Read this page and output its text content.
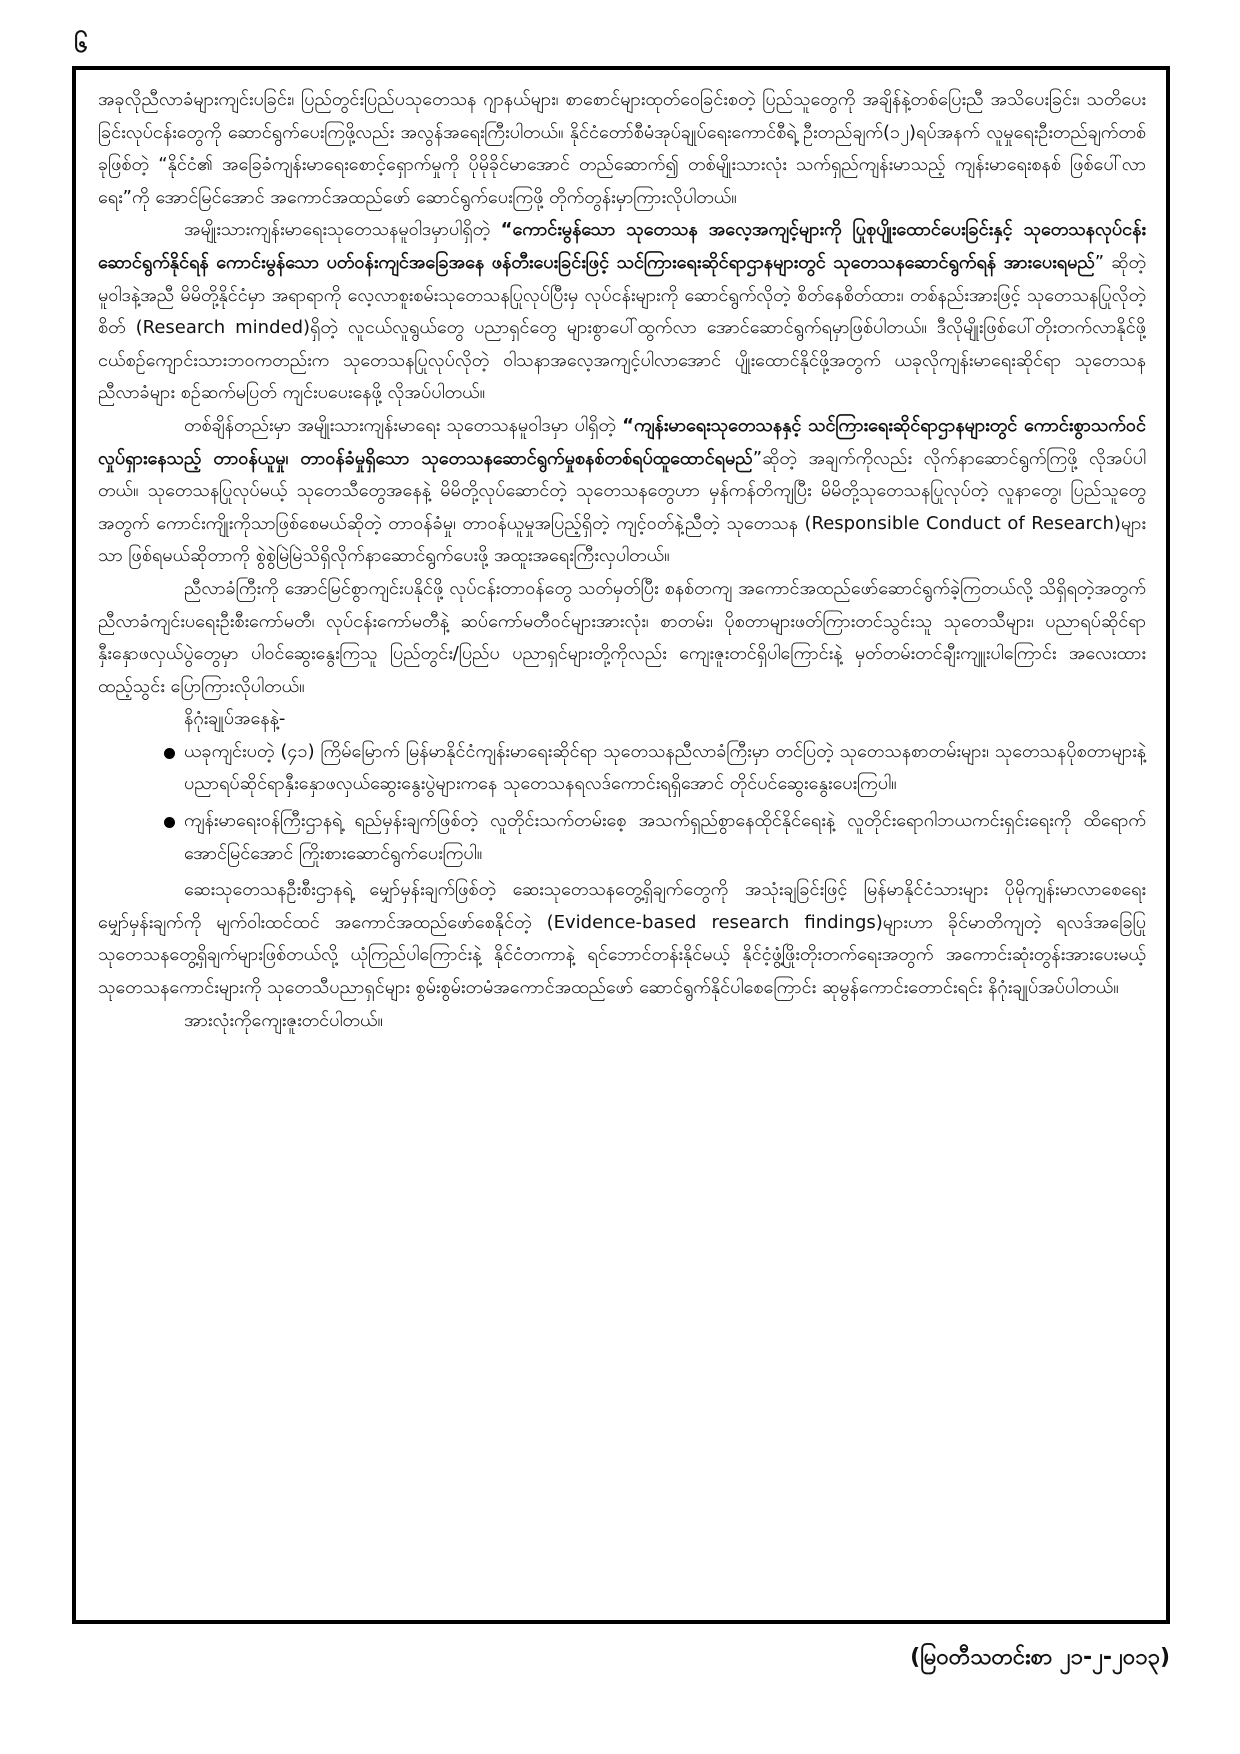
၆

အခုလိုညီလာခံများကျင်းပခြင်း၊ ပြည်တွင်းပြည်ပသုတေသန ဂျာနယ်များ၊ စာစောင်များထုတ်ဝေခြင်းစတဲ့ ပြည်သူတွေကို အချိန်နဲ့တစ်ပြေးညီ အသိပေးခြင်း၊ သတိပေးခြင်းလုပ်ငန်းတွေကို ဆောင်ရွက်ပေးကြဖို့လည်း အလွန်အရေးကြီးပါတယ်။ နိုင်ငံတော်စီမံအုပ်ချုပ်ရေးကောင်စီရဲ့ ဦးတည်ချက်(၁၂)ရပ်အနက် လူမှုရေးဦးတည်ချက်တစ်ခုဖြစ်တဲ့ “နိုင်ငံ၏ အခြေခံကျန်းမာရေးစောင့်ရှောက်မှုကို ပိုမိုခိုင်မာအောင် တည်ဆောက်၍ တစ်မျိုးသားလုံး သက်ရှည်ကျန်းမာသည့် ကျန်းမာရေးစနစ် ဖြစ်ပေါ်လာရေး”ကို အောင်မြင်အောင် အကောင်အထည်ဖော် ဆောင်ရွက်ပေးကြဖို့ တိုက်တွန်းမှာကြားလိုပါတယ်။

အမျိုးသားကျန်းမာရေးသုတေသနမူဝါဒမှာပါရှိတဲ့ “ကောင်းမွန်သော သုတေသန အလေ့အကျင့်များကို ပြုစုပျိုးထောင်ပေးခြင်းနှင့် သုတေသနလုပ်ငန်းဆောင်ရွက်နိုင်ရန် ကောင်းမွန်သော ပတ်ဝန်းကျင်အခြေအနေ ဖန်တီးပေးခြင်းဖြင့် သင်ကြားရေးဆိုင်ရာဌာနများတွင် သုတေသနဆောင်ရွက်ရန် အားပေးရမည်” ဆိုတဲ့ မူဝါဒနဲ့အညီ မိမိတို့နိုင်ငံမှာ အရာရာကို လေ့လာစူးစမ်းသုတေသနပြုလုပ်ပြီးမှ လုပ်ငန်းများကို ဆောင်ရွက်လိုတဲ့ စိတ်နေစိတ်ထား၊ တစ်နည်းအားဖြင့် သုတေသနပြုလိုတဲ့စိတ် (Research minded)ရှိတဲ့ လူငယ်လူရွယ်တွေ ပညာရှင်တွေ များစွာပေါ်ထွက်လာ အောင်ဆောင်ရွက်ရမှာဖြစ်ပါတယ်။ ဒီလိုမျိုးဖြစ်ပေါ်တိုးတက်လာနိုင်ဖို့ ငယ်စဉ်ကျောင်းသားဘဝကတည်းက သုတေသနပြုလုပ်လိုတဲ့ ဝါသနာအလေ့အကျင့်ပါလာအောင် ပျိုးထောင်နိုင်ဖို့အတွက် ယခုလိုကျန်းမာရေးဆိုင်ရာ သုတေသနညီလာခံများ စဉ်ဆက်မပြတ် ကျင်းပပေးနေဖို့ လိုအပ်ပါတယ်။

တစ်ချိန်တည်းမှာ အမျိုးသားကျန်းမာရေး သုတေသနမူဝါဒမှာ ပါရှိတဲ့ “ကျန်းမာရေးသုတေသနနှင့် သင်ကြားရေးဆိုင်ရာဌာနများတွင် ကောင်းစွာသက်ဝင်လှုပ်ရှားနေသည့် တာဝန်ယူမှု၊ တာဝန်ခံမှုရှိသော သုတေသနဆောင်ရွက်မှုစနစ်တစ်ရပ်ထူထောင်ရမည်”ဆိုတဲ့ အချက်ကိုလည်း လိုက်နာဆောင်ရွက်ကြဖို့ လိုအပ်ပါတယ်။ သုတေသနပြုလုပ်မယ့် သုတေသီတွေအနေနဲ့ မိမိတို့လုပ်ဆောင်တဲ့ သုတေသနတွေဟာ မှန်ကန်တိကျပြီး မိမိတို့သုတေသနပြုလုပ်တဲ့ လူနာတွေ၊ ပြည်သူတွေအတွက် ကောင်းကျိုးကိုသာဖြစ်စေမယ်ဆိုတဲ့ တာဝန်ခံမှု၊ တာဝန်ယူမှုအပြည့်ရှိတဲ့ ကျင့်ဝတ်နဲ့ညီတဲ့ သုတေသန (Responsible Conduct of Research)များသာ ဖြစ်ရမယ်ဆိုတာကို စွဲစွဲမြဲမြဲသိရှိလိုက်နာဆောင်ရွက်ပေးဖို့ အထူးအရေးကြီးလှပါတယ်။

ညီလာခံကြီးကို အောင်မြင်စွာကျင်းပနိုင်ဖို့ လုပ်ငန်းတာဝန်တွေ သတ်မှတ်ပြီး စနစ်တကျ အကောင်အထည်ဖော်ဆောင်ရွက်ခဲ့ကြတယ်လို့ သိရှိရတဲ့အတွက် ညီလာခံကျင်းပရေးဦးစီးကော်မတီ၊ လုပ်ငန်းကော်မတီနဲ့ ဆပ်ကော်မတီဝင်များအားလုံး၊ စာတမ်း၊ ပိုစတာများဖတ်ကြားတင်သွင်းသူ သုတေသီများ၊ ပညာရပ်ဆိုင်ရာနှီးနှောဖလှယ်ပွဲတွေမှာ ပါဝင်ဆွေးနွေးကြသူ ပြည်တွင်း/ပြည်ပ ပညာရှင်များတို့ကိုလည်း ကျေးဇူးတင်ရှိပါကြောင်းနဲ့ မှတ်တမ်းတင်ချီးကျူးပါကြောင်း အလေးထားထည့်သွင်း ပြောကြားလိုပါတယ်။

နိဂုံးချုပ်အနေနဲ့-

ယခုကျင်းပတဲ့ (၄၁) ကြိမ်မြောက် မြန်မာနိုင်ငံကျန်းမာရေးဆိုင်ရာ သုတေသနညီလာခံကြီးမှာ တင်ပြတဲ့ သုတေသနစာတမ်းများ၊ သုတေသနပိုစတာများနဲ့ ပညာရပ်ဆိုင်ရာနှီးနှောဖလှယ်ဆွေးနွေးပွဲများကနေ သုတေသနရလဒ်ကောင်းရရှိအောင် တိုင်ပင်ဆွေးနွေးပေးကြပါ။
ကျန်းမာရေးဝန်ကြီးဌာနရဲ့ ရည်မှန်းချက်ဖြစ်တဲ့ လူတိုင်းသက်တမ်းစေ့ အသက်ရှည်စွာနေထိုင်နိုင်ရေးနဲ့ လူတိုင်းရောဂါဘယကင်းရှင်းရေးကို ထိရောက်အောင်မြင်အောင် ကြိုးစားဆောင်ရွက်ပေးကြပါ။

ဆေးသုတေသနဦးစီးဌာနရဲ့ မျှော်မှန်းချက်ဖြစ်တဲ့ ဆေးသုတေသနတွေ့ရှိချက်တွေကို အသုံးချခြင်းဖြင့် မြန်မာနိုင်ငံသားများ ပိုမိုကျန်းမာလာစေရေးမျှော်မှန်းချက်ကို မျက်ဝါးထင်ထင် အကောင်အထည်ဖော်စေနိုင်တဲ့ (Evidence-based research findings)များဟာ ခိုင်မာတိကျတဲ့ ရလဒ်အခြေပြု သုတေသနတွေ့ရှိချက်များဖြစ်တယ်လို့ ယုံကြည်ပါကြောင်းနဲ့ နိုင်ငံတကာနဲ့ ရင်ဘောင်တန်းနိုင်မယ့် နိုင်ငံ့ဖွံ့ဖြိုးတိုးတက်ရေးအတွက် အကောင်းဆုံးတွန်းအားပေးမယ့် သုတေသနကောင်းများကို သုတေသီပညာရှင်များ စွမ်းစွမ်းတမံအကောင်အထည်ဖော် ဆောင်ရွက်နိုင်ပါစေကြောင်း ဆုမွန်ကောင်းတောင်းရင်း နိဂုံးချုပ်အပ်ပါတယ်။

အားလုံးကိုကျေးဇူးတင်ပါတယ်။

(မြဝတီသတင်းစာ ၂၁-၂-၂၀၁၃)
